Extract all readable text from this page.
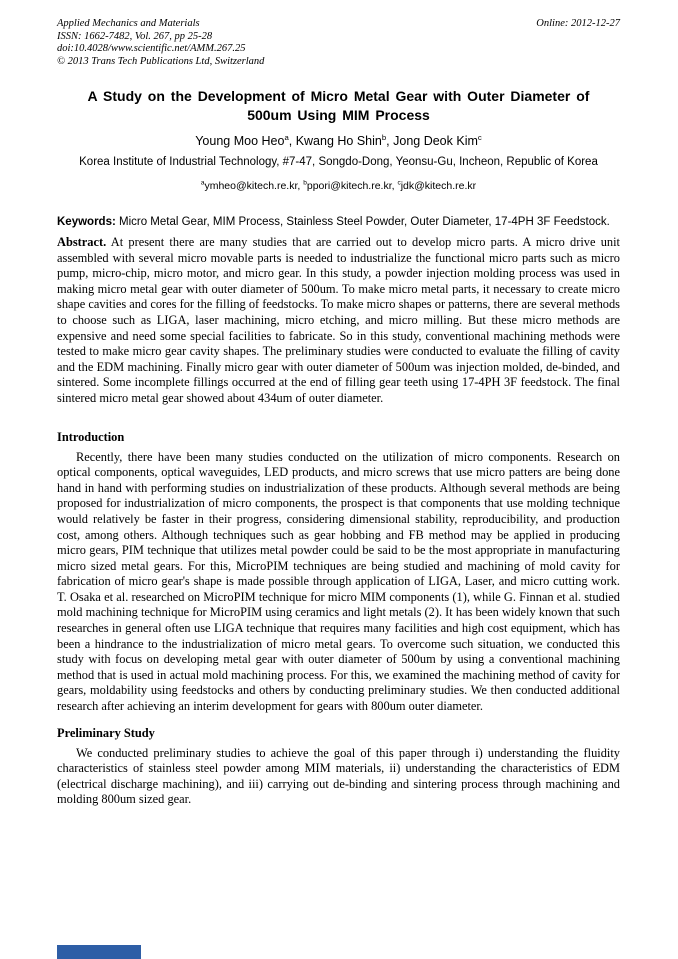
Applied Mechanics and Materials	Online: 2012-12-27
ISSN: 1662-7482, Vol. 267, pp 25-28
doi:10.4028/www.scientific.net/AMM.267.25
© 2013 Trans Tech Publications Ltd, Switzerland
A Study on the Development of Micro Metal Gear with Outer Diameter of 500um Using MIM Process
Young Moo Heo$^a$, Kwang Ho Shin$^b$, Jong Deok Kim$^c$
Korea Institute of Industrial Technology, #7-47, Songdo-Dong, Yeonsu-Gu, Incheon, Republic of Korea
$^a$ymheo@kitech.re.kr, $^b$ppori@kitech.re.kr, $^c$jdk@kitech.re.kr
Keywords: Micro Metal Gear, MIM Process, Stainless Steel Powder, Outer Diameter, 17-4PH 3F Feedstock.

Abstract. At present there are many studies that are carried out to develop micro parts. A micro drive unit assembled with several micro movable parts is needed to industrialize the functional micro parts such as micro pump, micro-chip, micro motor, and micro gear. In this study, a powder injection molding process was used in making micro metal gear with outer diameter of 500um. To make micro metal parts, it necessary to create micro shape cavities and cores for the filling of feedstocks. To make micro shapes or patterns, there are several methods to choose such as LIGA, laser machining, micro etching, and micro milling. But these micro methods are expensive and need some special facilities to fabricate. So in this study, conventional machining methods were tested to make micro gear cavity shapes. The preliminary studies were conducted to evaluate the filling of cavity and the EDM machining. Finally micro gear with outer diameter of 500um was injection molded, de-binded, and sintered. Some incomplete fillings occurred at the end of filling gear teeth using 17-4PH 3F feedstock. The final sintered micro metal gear showed about 434um of outer diameter.

Introduction

Recently, there have been many studies conducted on the utilization of micro components. Research on optical components, optical waveguides, LED products, and micro screws that use micro patters are being done hand in hand with performing studies on industrialization of these products. Although several methods are being proposed for industrialization of micro components, the prospect is that components that use molding technique would relatively be faster in their progress, considering dimensional stability, reproducibility, and production cost, among others. Although techniques such as gear hobbing and FB method may be applied in producing micro gears, PIM technique that utilizes metal powder could be said to be the most appropriate in manufacturing micro sized metal gears. For this, MicroPIM techniques are being studied and machining of mold cavity for fabrication of micro gear's shape is made possible through application of LIGA, Laser, and micro cutting work. T. Osaka et al. researched on MicroPIM technique for micro MIM components (1), while G. Finnan et al. studied mold machining technique for MicroPIM using ceramics and light metals (2). It has been widely known that such researches in general often use LIGA technique that requires many facilities and high cost equipment, which has been a hindrance to the industrialization of micro metal gears. To overcome such situation, we conducted this study with focus on developing metal gear with outer diameter of 500um by using a conventional machining method that is used in actual mold machining process. For this, we examined the machining method of cavity for gears, moldability using feedstocks and others by conducting preliminary studies. We then conducted additional research after achieving an interim development for gears with 800um outer diameter.

Preliminary Study

We conducted preliminary studies to achieve the goal of this paper through i) understanding the fluidity characteristics of stainless steel powder among MIM materials, ii) understanding the characteristics of EDM (electrical discharge machining), and iii) carrying out de-binding and sintering process through machining and molding 800um sized gear.
